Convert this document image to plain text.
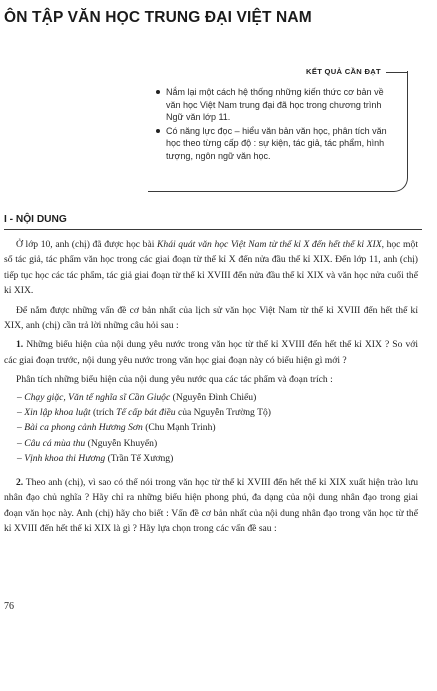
ÔN TẬP VĂN HỌC TRUNG ĐẠI VIỆT NAM
KẾT QUẢ CẦN ĐẠT
Nắm lại một cách hệ thống những kiến thức cơ bản về văn học Việt Nam trung đại đã học trong chương trình Ngữ văn lớp 11.
Có năng lực đọc – hiểu văn bản văn học, phân tích văn học theo từng cấp độ : sự kiện, tác giả, tác phẩm, hình tượng, ngôn ngữ văn học.
I - NỘI DUNG

Ở lớp 10, anh (chị) đã được học bài Khái quát văn học Việt Nam từ thế kỉ X đến hết thế kỉ XIX, học một số tác giả, tác phẩm văn học trong các giai đoạn từ thế kỉ X đến nửa đầu thế kỉ XIX. Đến lớp 11, anh (chị) tiếp tục học các tác phẩm, tác giả giai đoạn từ thế kỉ XVIII đến nửa đầu thế kỉ XIX và văn học nửa cuối thế kỉ XIX.

Để nắm được những vấn đề cơ bản nhất của lịch sử văn học Việt Nam từ thế kỉ XVIII đến hết thế kỉ XIX, anh (chị) cần trả lời những câu hỏi sau :

1. Những biểu hiện của nội dung yêu nước trong văn học từ thế kỉ XVIII đến hết thế kỉ XIX ? So với các giai đoạn trước, nội dung yêu nước trong văn học giai đoạn này có biểu hiện gì mới ?

Phân tích những biểu hiện của nội dung yêu nước qua các tác phẩm và đoạn trích :

– Chạy giặc, Văn tế nghĩa sĩ Cần Giuộc (Nguyễn Đình Chiểu)
– Xin lập khoa luật (trích Tế cấp bát điều của Nguyễn Trường Tộ)
– Bài ca phong cảnh Hương Sơn (Chu Mạnh Trinh)
– Câu cá mùa thu (Nguyễn Khuyến)
– Vịnh khoa thi Hương (Trần Tế Xương)

2. Theo anh (chị), vì sao có thể nói trong văn học từ thế kỉ XVIII đến hết thế kỉ XIX xuất hiện trào lưu nhân đạo chủ nghĩa ? Hãy chỉ ra những biểu hiện phong phú, đa dạng của nội dung nhân đạo trong giai đoạn văn học này. Anh (chị) hãy cho biết : Vấn đề cơ bản nhất của nội dung nhân đạo trong văn học từ thế kỉ XVIII đến hết thế kỉ XIX là gì ? Hãy lựa chọn trong các vấn đề sau :

76
